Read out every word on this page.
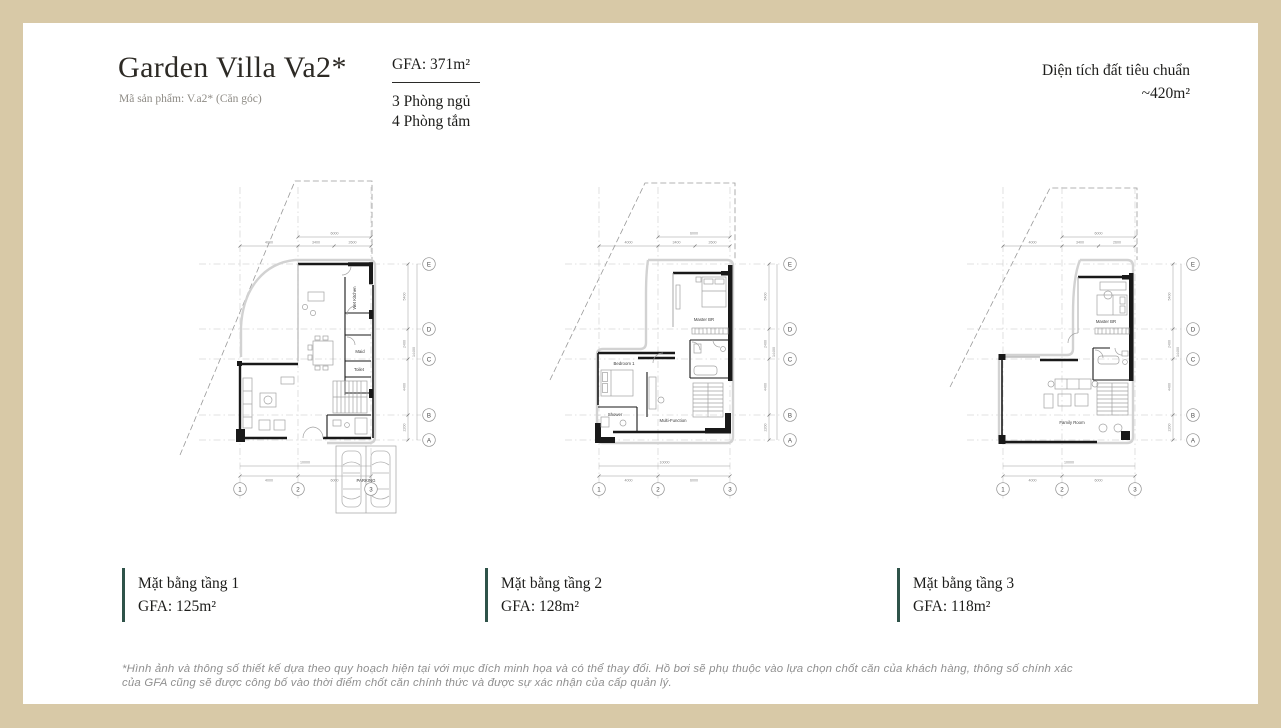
Garden Villa Va2*
Mã sản phẩm: V.a2* (Căn góc)
GFA: 371m²
3 Phòng ngủ
4 Phòng tắm
Diện tích đất tiêu chuẩn
~420m²
4000	3400	2600
6000
5400
2400
4400
2200
14400
10000
4000	6000
Wet Kitchen
Maid
Toilet
PARKING
E
D
C
B
A
1	2	3
4000	3400	2600
6000
5400
2400
4400
2200
14400
10000
4000	6000
Master BR
Bedroom 1
Shower
Multi-Function
E
D
C
B
A
1	2	3
4000	3400	2600
6000
5400
2400
4400
2200
14400
10000
4000	6000
Master BR
Family Room
E
D
C
B
A
1	2	3
Mặt bằng tầng 1
GFA: 125m²
Mặt bằng tầng 2
GFA: 128m²
Mặt bằng tầng 3
GFA: 118m²
*Hình ảnh và thông số thiết kế dựa theo quy hoạch hiện tại với mục đích minh họa và có thể thay đổi. Hồ bơi sẽ phụ thuộc vào lựa chọn chốt căn của khách hàng, thông số chính xác
của GFA cũng sẽ được công bố vào thời điểm chốt căn chính thức và được sự xác nhận của cấp quản lý.
